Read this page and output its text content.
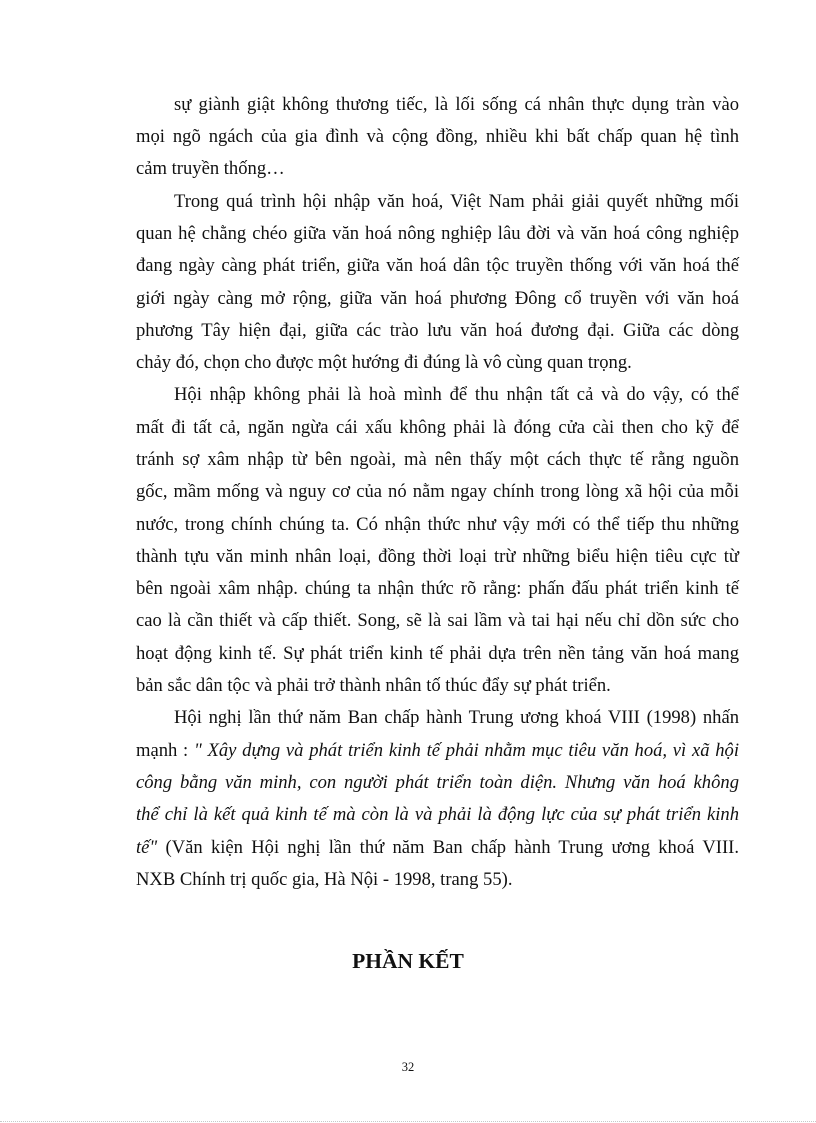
sự giành giật không thương tiếc, là lối sống cá nhân thực dụng tràn vào
mọi ngõ ngách của gia đình và cộng đồng, nhiều khi bất chấp quan hệ tình
cảm truyền thống…
Trong quá trình hội nhập văn hoá, Việt Nam phải giải quyết những mối
quan hệ chằng chéo giữa văn hoá nông nghiệp lâu đời và văn hoá công nghiệp
đang ngày càng phát triển, giữa văn hoá dân tộc truyền thống với văn hoá thế
giới ngày càng mở rộng, giữa văn hoá phương Đông cổ truyền với văn hoá
phương Tây hiện đại, giữa các trào lưu văn hoá đương đại. Giữa các dòng
chảy đó, chọn cho được một hướng đi đúng là vô cùng quan trọng.
Hội nhập không phải là hoà mình để thu nhận tất cả và do vậy, có thể
mất đi tất cả, ngăn ngừa cái xấu không phải là đóng cửa cài then cho kỹ để
tránh sợ xâm nhập từ bên ngoài, mà nên thấy một cách thực tế rằng nguồn
gốc, mầm mống và nguy cơ của nó nằm ngay chính trong lòng xã hội của mỗi
nước, trong chính chúng ta. Có nhận thức như vậy mới có thể tiếp thu những
thành tựu văn minh nhân loại, đồng thời loại trừ những biểu hiện tiêu cực từ
bên ngoài xâm nhập. chúng ta nhận thức rõ rằng: phấn đấu phát triển kinh tế
cao là cần thiết và cấp thiết. Song, sẽ là sai lầm và tai hại nếu chỉ dồn sức cho
hoạt động kinh tế. Sự phát triển kinh tế phải dựa trên nền tảng văn hoá mang
bản sắc dân tộc và phải trở thành nhân tố thúc đẩy sự phát triển.
Hội nghị lần thứ năm Ban chấp hành Trung ương khoá VIII (1998) nhấn
mạnh : " Xây dựng và phát triển kinh tế phải nhằm mục tiêu văn hoá, vì xã hội
công bằng văn minh, con người phát triển toàn diện. Nhưng văn hoá không
thể chỉ là kết quả kinh tế mà còn là và phải là động lực của sự phát triển kinh
tế" (Văn kiện Hội nghị lần thứ năm Ban chấp hành Trung ương khoá VIII.
NXB Chính trị quốc gia, Hà Nội - 1998, trang 55).
PHẦN KẾT
32
